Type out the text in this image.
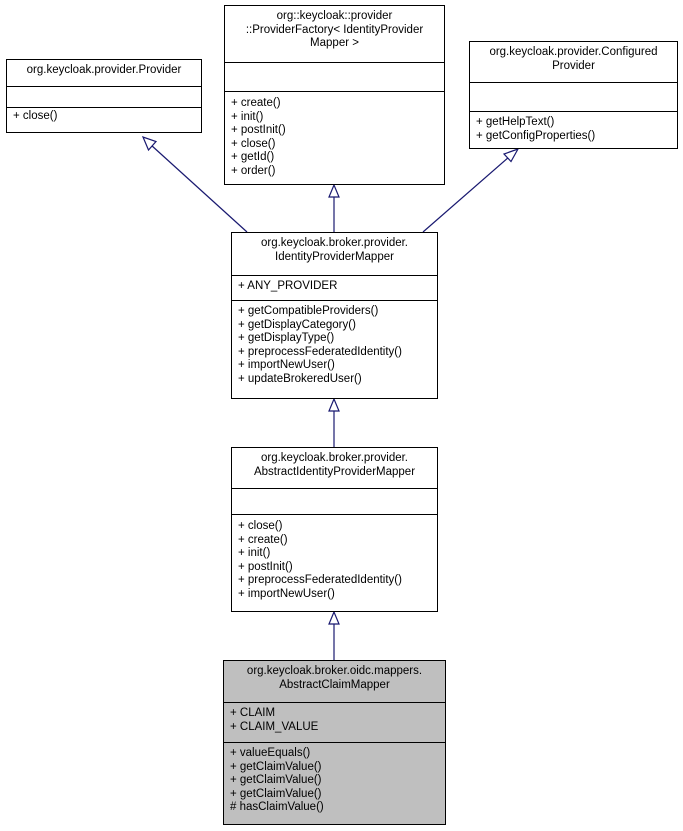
org.keycloak.provider.Provider
+ close()
org::keycloak::provider
::ProviderFactory< IdentityProvider
Mapper >
+ create()
+ init()
+ postInit()
+ close()
+ getId()
+ order()
org.keycloak.provider.Configured
Provider
+ getHelpText()
+ getConfigProperties()
org.keycloak.broker.provider.
IdentityProviderMapper
+ ANY_PROVIDER
+ getCompatibleProviders()
+ getDisplayCategory()
+ getDisplayType()
+ preprocessFederatedIdentity()
+ importNewUser()
+ updateBrokeredUser()
org.keycloak.broker.provider.
AbstractIdentityProviderMapper
+ close()
+ create()
+ init()
+ postInit()
+ preprocessFederatedIdentity()
+ importNewUser()
org.keycloak.broker.oidc.mappers.
AbstractClaimMapper
+ CLAIM
+ CLAIM_VALUE
+ valueEquals()
+ getClaimValue()
+ getClaimValue()
+ getClaimValue()
# hasClaimValue()
